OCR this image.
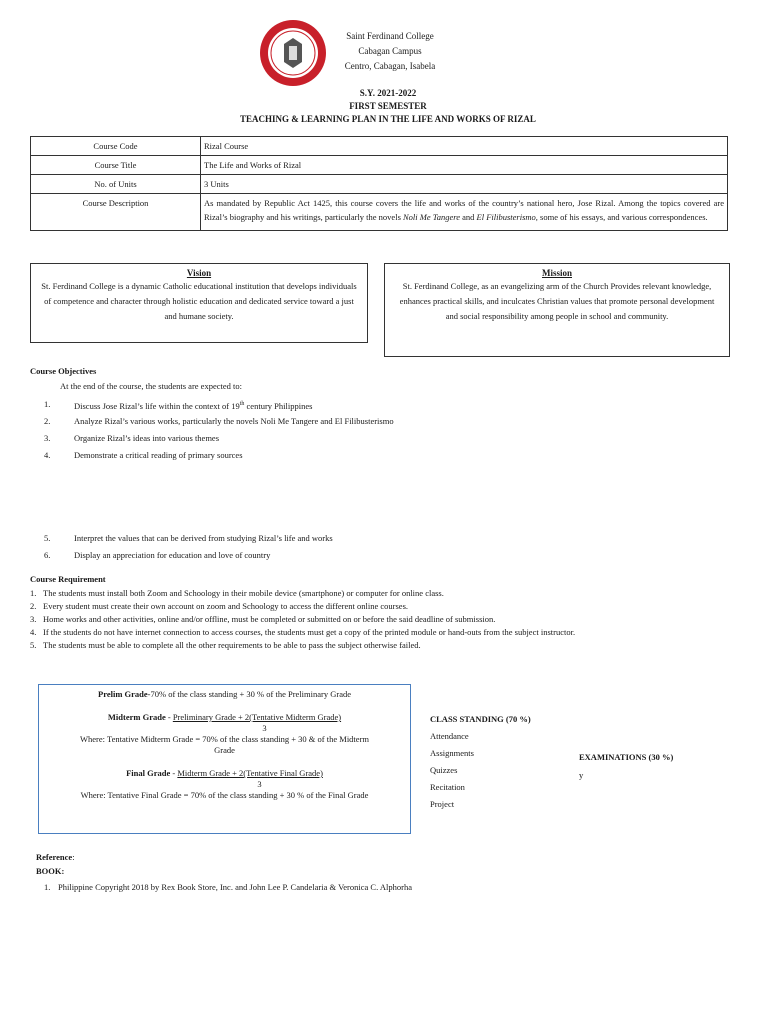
Saint Ferdinand College
Cabagan Campus
Centro, Cabagan, Isabela
S.Y. 2021-2022
FIRST SEMESTER
TEACHING & LEARNING PLAN IN THE LIFE AND WORKS OF RIZAL
Course Code	Rizal Course
Course Title	The Life and Works of Rizal
No. of Units	3 Units
Course Description	As mandated by Republic Act 1425, this course covers the life and works of the country’s national hero, Jose Rizal. Among the topics covered are Rizal’s biography and his writings, particularly the novels Noli Me Tangere and El Filibusterismo, some of his essays, and various correspondences.
Vision
St. Ferdinand College is a dynamic Catholic educational institution that develops individuals of competence and character through holistic education and dedicated service toward a just and humane society.
Mission
St. Ferdinand College, as an evangelizing arm of the Church Provides relevant knowledge, enhances practical skills, and inculcates Christian values that promote personal development and social responsibility among people in school and community.
Course Objectives
At the end of the course, the students are expected to:
1.	Discuss Jose Rizal’s life within the context of 19th century Philippines
2.	Analyze Rizal’s various works, particularly the novels Noli Me Tangere and El Filibusterismo
3.	Organize Rizal’s ideas into various themes
4.	Demonstrate a critical reading of primary sources
5.	Interpret the values that can be derived from studying Rizal’s life and works
6.	Display an appreciation for education and love of country
Course Requirement
1. The students must install both Zoom and Schoology in their mobile device (smartphone) or computer for online class.
2. Every student must create their own account on zoom and Schoology to access the different online courses.
3. Home works and other activities, online and/or offline, must be completed or submitted on or before the said deadline of submission.
4. If the students do not have internet connection to access courses, the students must get a copy of the printed module or hand-outs from the subject instructor.
5. The students must be able to complete all the other requirements to be able to pass the subject otherwise failed.
Prelim Grade-70% of the class standing + 30 % of the Preliminary Grade
Midterm Grade - Preliminary Grade + 2(Tentative Midterm Grade)
3
Where: Tentative Midterm Grade = 70% of the class standing + 30 & of the Midterm
Grade
Final Grade - Midterm Grade + 2(Tentative Final Grade)
3
Where: Tentative Final Grade = 70% of the class standing + 30 % of the Final Grade
CLASS STANDING (70 %)
Attendance
Assignments
Quizzes
Recitation
Project
EXAMINATIONS (30 %)
y
Reference:
BOOK:
1. Philippine Copyright 2018 by Rex Book Store, Inc. and John Lee P. Candelaria & Veronica C. Alphorha
